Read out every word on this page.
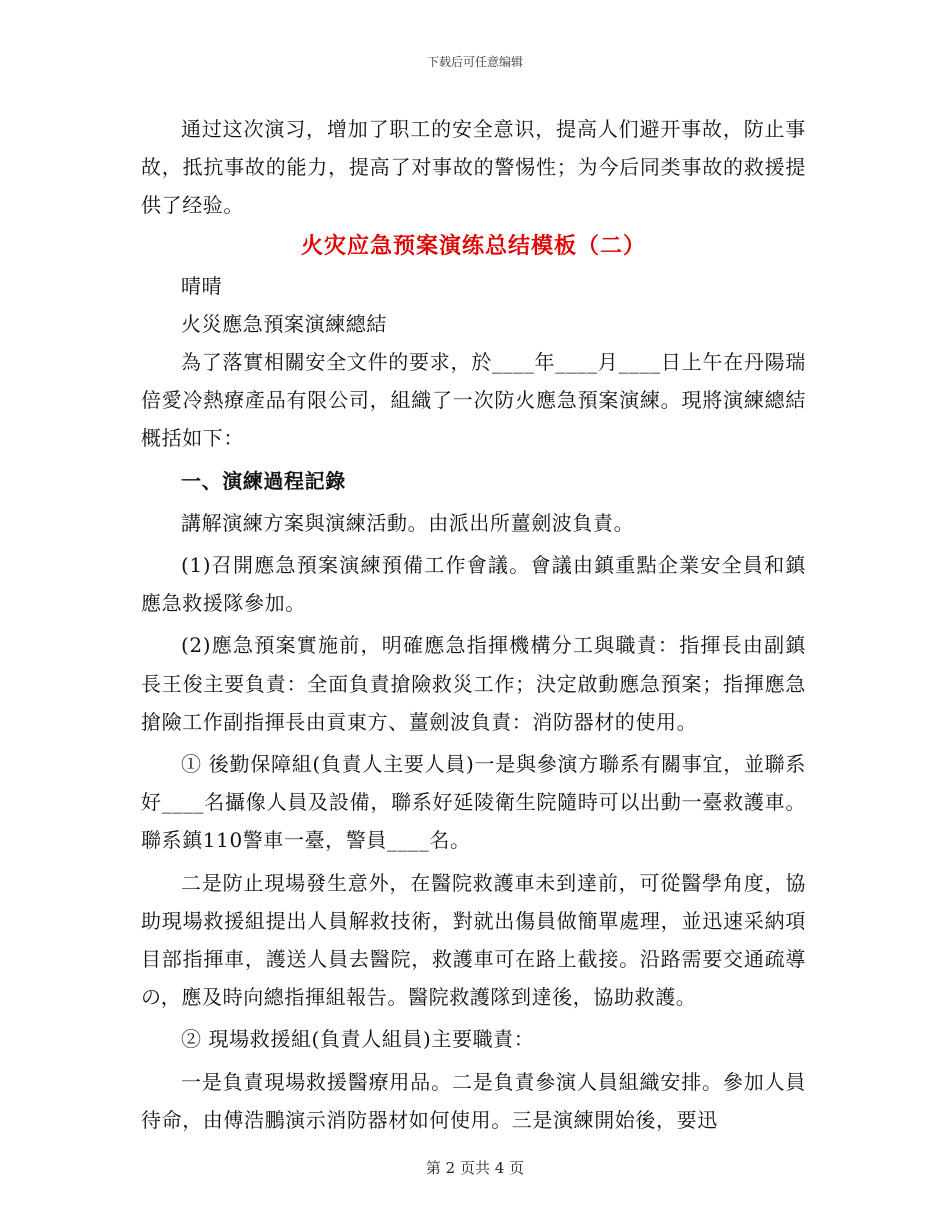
下载后可任意编辑

通过这次演习，增加了职工的安全意识，提高人们避开事故，防止事故，抵抗事故的能力，提高了对事故的警惕性；为今后同类事故的救援提供了经验。

火灾应急预案演练总结模板（二）

晴晴

火災應急預案演練總結

為了落實相關安全文件的要求，於____年____月____日上午在丹陽瑞倍愛冷熱療產品有限公司，組織了一次防火應急預案演練。現將演練總結概括如下：

一、演練過程記錄

講解演練方案與演練活動。由派出所薑劍波負責。

(1)召開應急預案演練預備工作會議。會議由鎮重點企業安全員和鎮應急救援隊參加。

(2)應急預案實施前，明確應急指揮機構分工與職責：指揮長由副鎮長王俊主要負責：全面負責搶險救災工作；決定啟動應急預案；指揮應急搶險工作副指揮長由貢東方、薑劍波負責：消防器材的使用。

① 後勤保障組(負責人主要人員)一是與參演方聯系有關事宜，並聯系好____名攝像人員及設備，聯系好延陵衛生院隨時可以出動一臺救護車。聯系鎮110警車一臺，警員____名。

二是防止現場發生意外，在醫院救護車未到達前，可從醫學角度，協助現場救援組提出人員解救技術，對就出傷員做簡單處理，並迅速采納項目部指揮車，護送人員去醫院，救護車可在路上截接。沿路需要交通疏導の，應及時向總指揮組報告。醫院救護隊到達後，協助救護。

② 現場救援組(負責人組員)主要職責：

一是負責現場救援醫療用品。二是負責參演人員組織安排。參加人員待命，由傅浩鵬演示消防器材如何使用。三是演練開始後，要迅

第 2 页共 4 页
